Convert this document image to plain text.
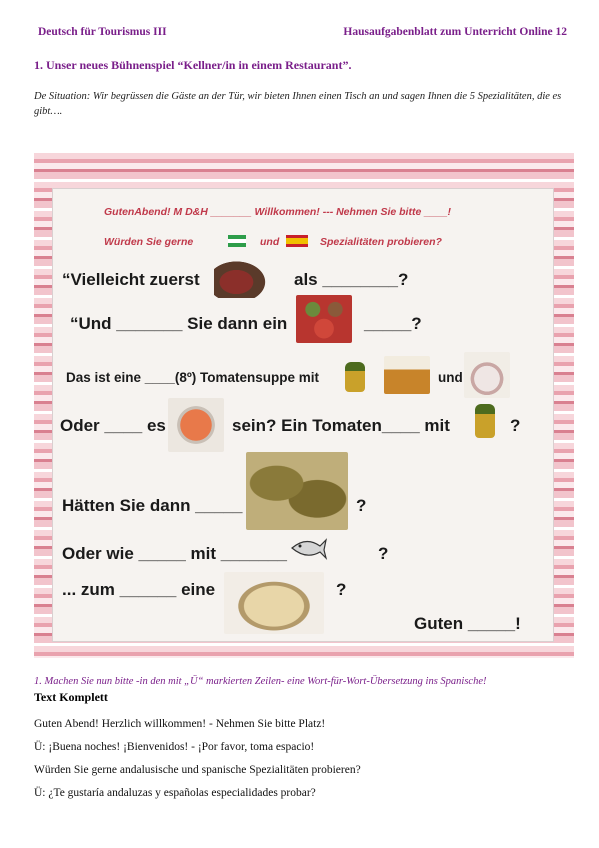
Deutsch für Tourismus III	Hausaufgabenblatt zum Unterricht Online 12
1. Unser neues Bühnenspiel “Kellner/in in einem Restaurant”.
De Situation: Wir begrüssen die Gäste an der Tür, wir bieten Ihnen einen Tisch an und sagen Ihnen die 5 Spezialitäten, die es gibt….
GutenAbend! M D&H _______ Willkommen! --- Nehmen Sie bitte ____!
Würden Sie gerne	und	Spezialitäten probieren?
“Vielleicht zuerst	als ________?
“Und _______ Sie dann ein	_____?
Das ist eine ____(8º) Tomatensuppe mit	und
Oder ____ es	sein? Ein Tomaten____ mit	?
Hätten Sie dann _____	?
Oder wie _____ mit _______	?
... zum ______ eine	?
Guten _____!
1. Machen Sie nun bitte -in den mit „Ü“ markierten Zeilen- eine Wort-für-Wort-Übersetzung ins Spanische!
Text Komplett
Guten Abend! Herzlich willkommen! - Nehmen Sie bitte Platz!
Ü: ¡Buena noches! ¡Bienvenidos! - ¡Por favor, toma espacio!
Würden Sie gerne andalusische und spanische Spezialitäten probieren?
Ü: ¿Te gustaría andaluzas y españolas especialidades probar?
